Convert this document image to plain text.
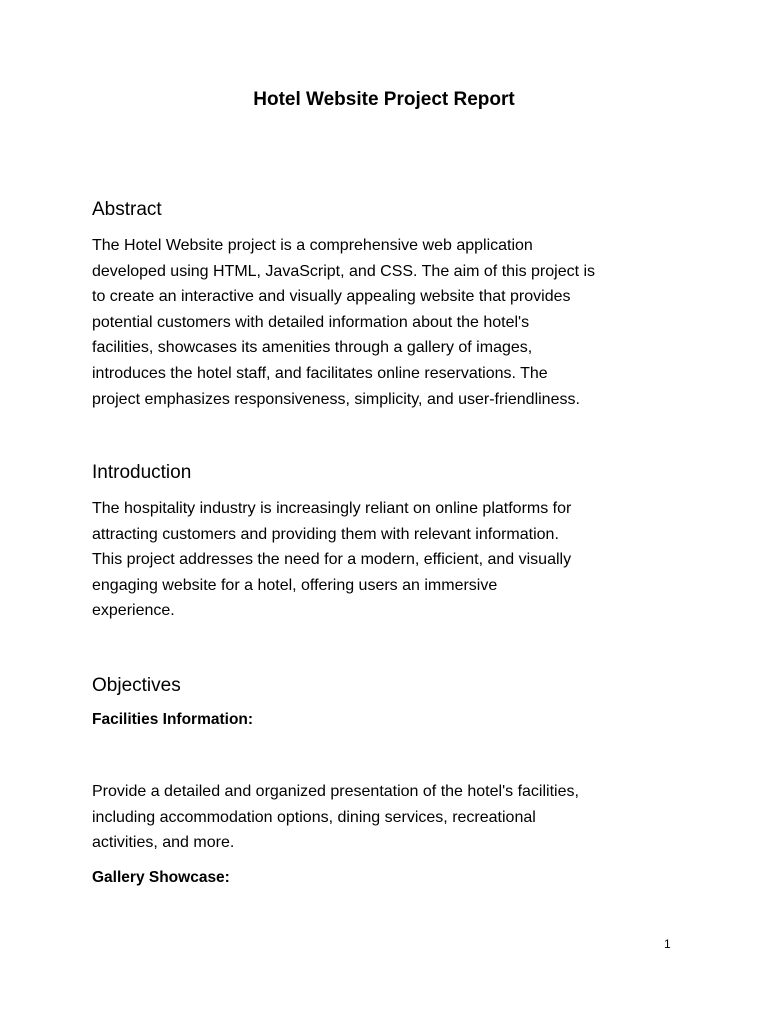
Hotel Website Project Report
Abstract

The Hotel Website project is a comprehensive web application
developed using HTML, JavaScript, and CSS. The aim of this project is
to create an interactive and visually appealing website that provides
potential customers with detailed information about the hotel's
facilities, showcases its amenities through a gallery of images,
introduces the hotel staff, and facilitates online reservations. The
project emphasizes responsiveness, simplicity, and user-friendliness.

Introduction

The hospitality industry is increasingly reliant on online platforms for
attracting customers and providing them with relevant information.
This project addresses the need for a modern, efficient, and visually
engaging website for a hotel, offering users an immersive
experience.

Objectives
Facilities Information:

Provide a detailed and organized presentation of the hotel's facilities,
including accommodation options, dining services, recreational
activities, and more.

Gallery Showcase:

1
